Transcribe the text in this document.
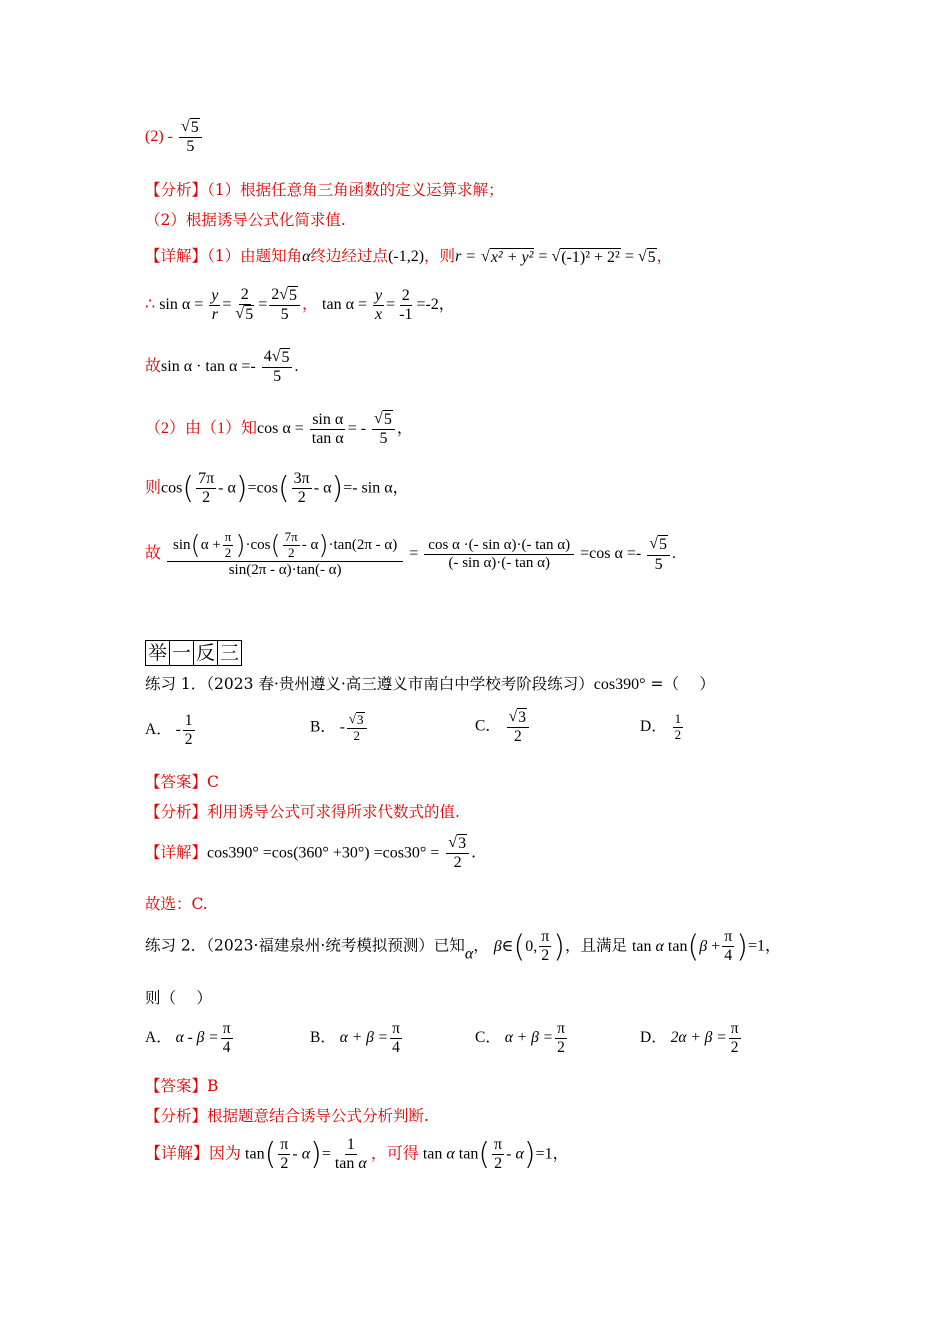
$(2) - \frac{√ 5}{5}$
【分析】（1）根据任意角三角函数的定义运算求解；
（2）根据诱导公式化简求值.
【详解】（1）由题知角α终边经过点(-1,2)，则r = √ x² + y² = √ (-1)² + 2² = √ 5 ，
∴ $\sin \alpha = \frac{y}{r} = \frac{2}{√ 5} = \frac{2√ 5}{5}$ ， $\tan \alpha = \frac{y}{x} = \frac{2}{-1} =-2$，
故$\sin \alpha \cdot \tan \alpha =- \frac{4√ 5}{5}$ .
（2）由（1）知$\cos \alpha = \frac{\text{sin α}}{\text{tan α}}$ = - $\frac{√ 5}{5}$ ，
则$\cos( \frac{7\pi}{2} - \alpha)=\cos( \frac{3\pi}{2} - \alpha)=-$ sin α，
故 $\frac{\sin(\alpha + \frac{\pi}{2} )\cdot\cos( \frac{7\pi}{2} - \alpha)\cdot\tan(2\pi - \alpha)}{\sin(2\pi - \alpha)\cdot\tan(- \alpha)} = \frac{\text{cos α ·(- sin α)·(- tan α)}}{\text{(- sin α)·(- tan α)}} =\cos$ $\alpha =- \frac{√ 5}{5}$ .
举 一 反 三
练习 1．（2023 春·贵州遵义·高三遵义市南白中学校考阶段练习）cos390° =（　 ）
A． - $\frac{1}{2}$	B． - $\frac{√ 3}{2}$	C． $\frac{√ 3}{2}$	D． $\frac{1}{2}$
【答案】C
【分析】利用诱导公式可求得所求代数式的值.
【详解】$\cos 390^\circ =\cos(360^\circ +30^\circ) =\cos 30^\circ = \frac{√ 3}{2}$ .
故选：C.
练习 2．（2023·福建泉州·统考模拟预测）已知α， β∈(0, $\frac{\pi}{2}$ )，且满足 tan α $\tan(\beta + \frac{\pi}{4} )=1$，
则（　 ）
A． $\alpha - \beta = \frac{\pi}{4}$	B． $\alpha + \beta = \frac{\pi}{4}$	C． $\alpha + \beta = \frac{\pi}{2}$	D． $2\alpha + \beta = \frac{\pi}{2}$
【答案】B
【分析】根据题意结合诱导公式分析判断.
【详解】因为 $\tan( \frac{\pi}{2} - \alpha)= \frac{1}{\text{tan α}}$ ，可得 tan α $\tan( \frac{\pi}{2} - \alpha)=1$，
